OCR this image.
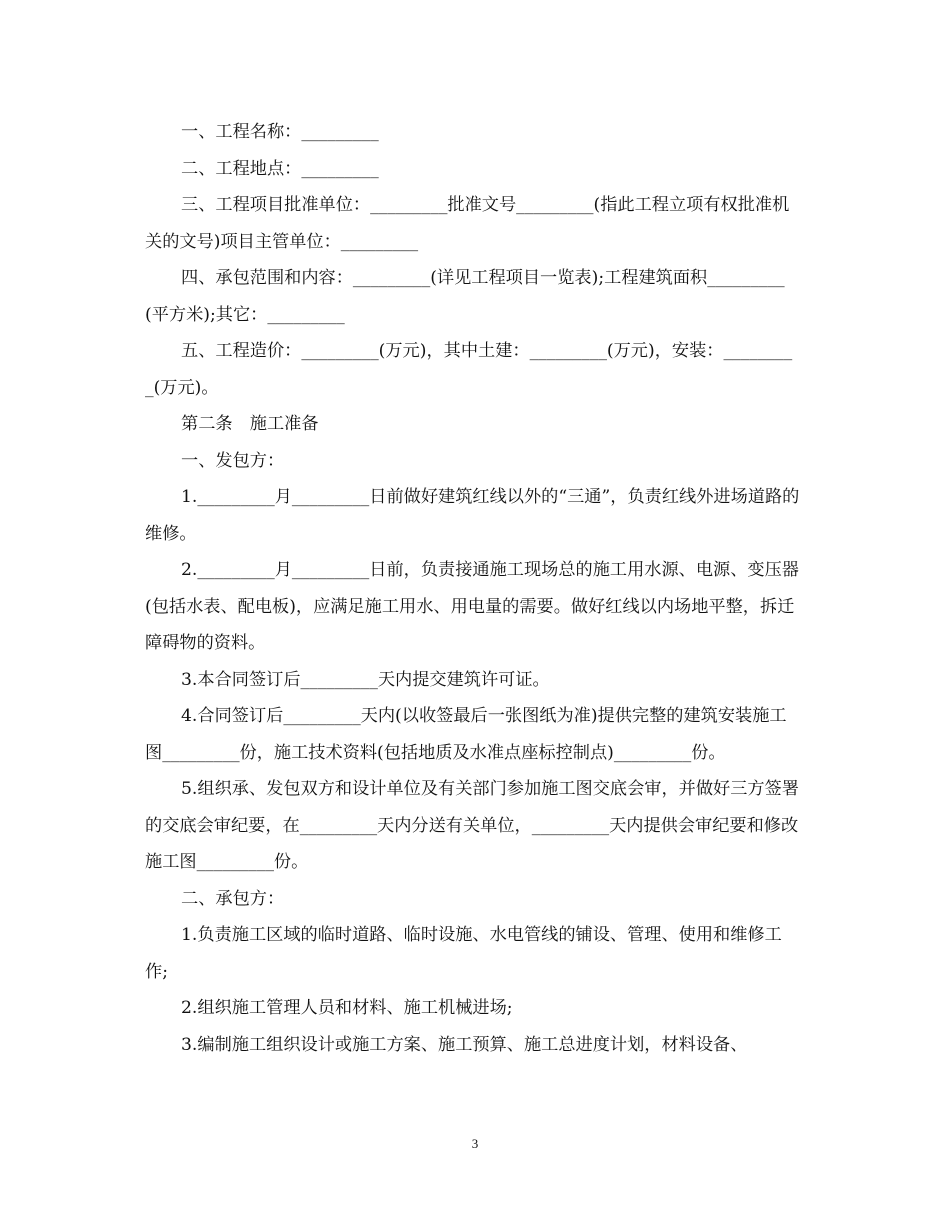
一、工程名称：_________

二、工程地点：_________

三、工程项目批准单位：_________批准文号_________(指此工程立项有权批准机关的文号)项目主管单位：_________

四、承包范围和内容：_________(详见工程项目一览表);工程建筑面积_________(平方米);其它：_________

五、工程造价：_________(万元)，其中土建：_________(万元)，安装：_________(万元)。

第二条　施工准备

一、发包方：

1._________月_________日前做好建筑红线以外的“三通”，负责红线外进场道路的维修。

2._________月_________日前，负责接通施工现场总的施工用水源、电源、变压器(包括水表、配电板)，应满足施工用水、用电量的需要。做好红线以内场地平整，拆迁障碍物的资料。

3.本合同签订后_________天内提交建筑许可证。

4.合同签订后_________天内(以收签最后一张图纸为准)提供完整的建筑安装施工图_________份，施工技术资料(包括地质及水准点座标控制点)_________份。

5.组织承、发包双方和设计单位及有关部门参加施工图交底会审，并做好三方签署的交底会审纪要，在_________天内分送有关单位，_________天内提供会审纪要和修改施工图_________份。

二、承包方：

1.负责施工区域的临时道路、临时设施、水电管线的铺设、管理、使用和维修工作;

2.组织施工管理人员和材料、施工机械进场;

3.编制施工组织设计或施工方案、施工预算、施工总进度计划，材料设备、

3
